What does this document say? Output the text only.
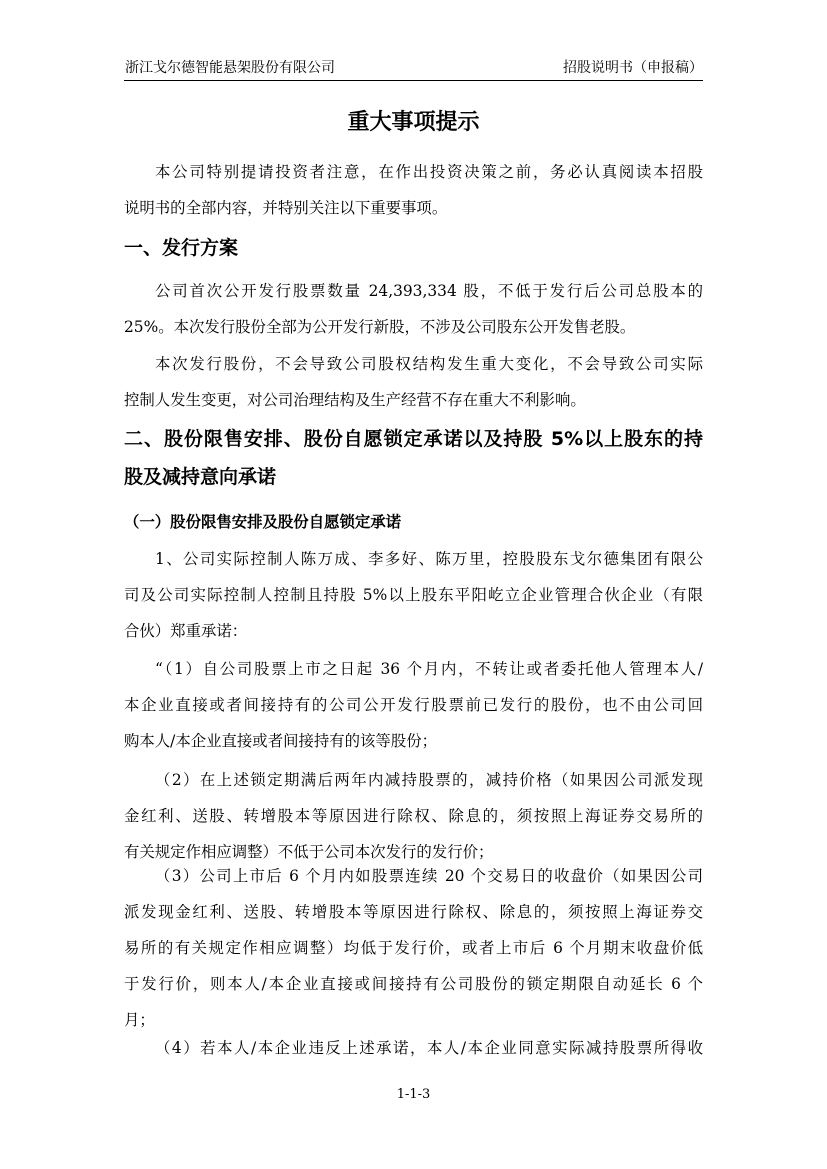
浙江戈尔德智能悬架股份有限公司	招股说明书（申报稿）
重大事项提示
本公司特别提请投资者注意，在作出投资决策之前，务必认真阅读本招股
说明书的全部内容，并特别关注以下重要事项。
一、发行方案
公司首次公开发行股票数量 24,393,334 股，不低于发行后公司总股本的
25%。本次发行股份全部为公开发行新股，不涉及公司股东公开发售老股。
本次发行股份，不会导致公司股权结构发生重大变化，不会导致公司实际
控制人发生变更，对公司治理结构及生产经营不存在重大不利影响。
二、股份限售安排、股份自愿锁定承诺以及持股 5%以上股东的持
股及减持意向承诺
（一）股份限售安排及股份自愿锁定承诺
1、公司实际控制人陈万成、李多好、陈万里，控股股东戈尔德集团有限公
司及公司实际控制人控制且持股 5%以上股东平阳屹立企业管理合伙企业（有限
合伙）郑重承诺：
“（1）自公司股票上市之日起 36 个月内，不转让或者委托他人管理本人/
本企业直接或者间接持有的公司公开发行股票前已发行的股份，也不由公司回
购本人/本企业直接或者间接持有的该等股份；
（2）在上述锁定期满后两年内减持股票的，减持价格（如果因公司派发现
金红利、送股、转增股本等原因进行除权、除息的，须按照上海证券交易所的
有关规定作相应调整）不低于公司本次发行的发行价；
（3）公司上市后 6 个月内如股票连续 20 个交易日的收盘价（如果因公司
派发现金红利、送股、转增股本等原因进行除权、除息的，须按照上海证券交
易所的有关规定作相应调整）均低于发行价，或者上市后 6 个月期末收盘价低
于发行价，则本人/本企业直接或间接持有公司股份的锁定期限自动延长 6 个
月；
（4）若本人/本企业违反上述承诺，本人/本企业同意实际减持股票所得收
1-1-3
